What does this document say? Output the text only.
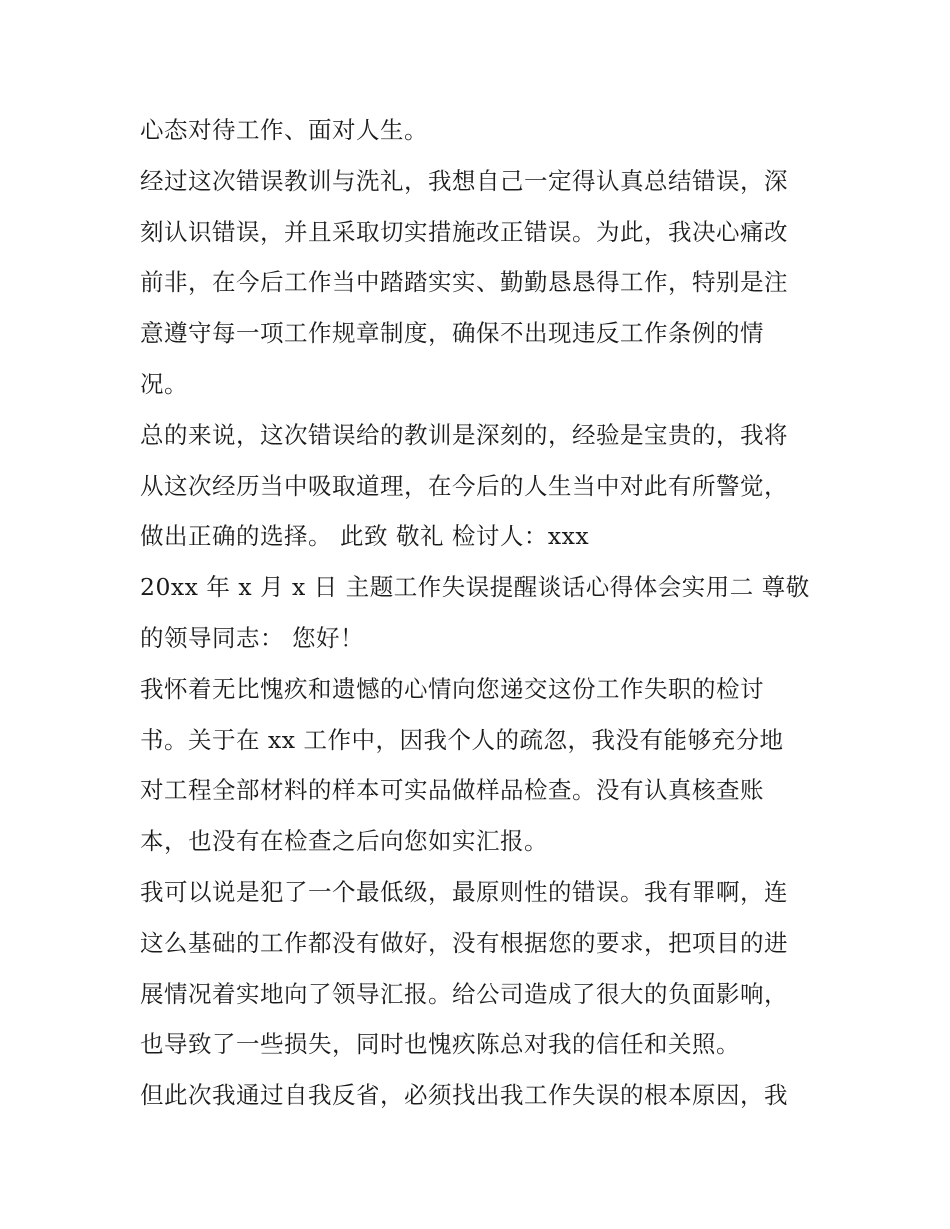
心态对待工作、面对人生。
经过这次错误教训与洗礼，我想自己一定得认真总结错误，深
刻认识错误，并且采取切实措施改正错误。为此，我决心痛改
前非，在今后工作当中踏踏实实、勤勤恳恳得工作，特别是注
意遵守每一项工作规章制度，确保不出现违反工作条例的情
况。
总的来说，这次错误给的教训是深刻的，经验是宝贵的，我将
从这次经历当中吸取道理，在今后的人生当中对此有所警觉，
做出正确的选择。 此致 敬礼 检讨人：xxx
20xx 年 x 月 x 日 主题工作失误提醒谈话心得体会实用二 尊敬
的领导同志： 您好！
我怀着无比愧疚和遗憾的心情向您递交这份工作失职的检讨
书。关于在 xx 工作中，因我个人的疏忽，我没有能够充分地
对工程全部材料的样本可实品做样品检查。没有认真核查账
本，也没有在检查之后向您如实汇报。
我可以说是犯了一个最低级，最原则性的错误。我有罪啊，连
这么基础的工作都没有做好，没有根据您的要求，把项目的进
展情况着实地向了领导汇报。给公司造成了很大的负面影响，
也导致了一些损失，同时也愧疚陈总对我的信任和关照。
但此次我通过自我反省，必须找出我工作失误的根本原因，我
